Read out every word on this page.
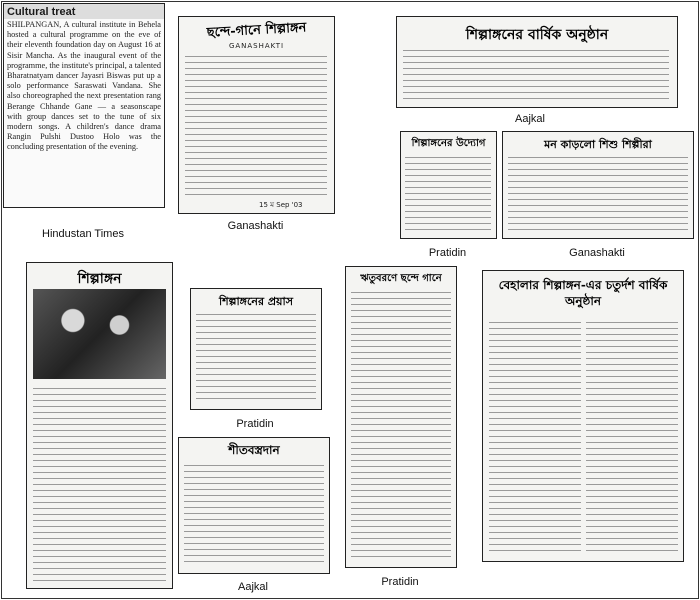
Cultural treat
SHILPANGAN, A cultural institute in Behela hosted a cultural programme on the eve of their eleventh foundation day on August 16 at Sisir Mancha. As the inaugural event of the programme, the institute's principal, a talented Bharatnatyam dancer Jayasri Biswas put up a solo performance Saraswati Vandana. She also choreographed the next presentation rang Berange Chhande Gane — a seasonscape with group dances set to the tune of six modern songs. A children's dance drama Rangin Pulshi Dustoo Holo was the concluding presentation of the evening.
Hindustan Times
ছন্দে-গানে শিল্পাঙ্গন
GANASHAKTI
15 ম Sep '03
Ganashakti
শিল্পাঙ্গনের বার্ষিক অনুষ্ঠান
Aajkal
শিল্পাঙ্গনের উদ্যোগ
Pratidin
মন কাড়লো শিশু শিল্পীরা
Ganashakti
শিল্পাঙ্গন
শিল্পাঙ্গনের প্রয়াস
Pratidin
শীতবস্ত্রদান
Aajkal
ঋতুবরণে ছন্দে গানে
Pratidin
বেহালার শিল্পাঙ্গন-এর চতুর্দশ বার্ষিক অনুষ্ঠান
